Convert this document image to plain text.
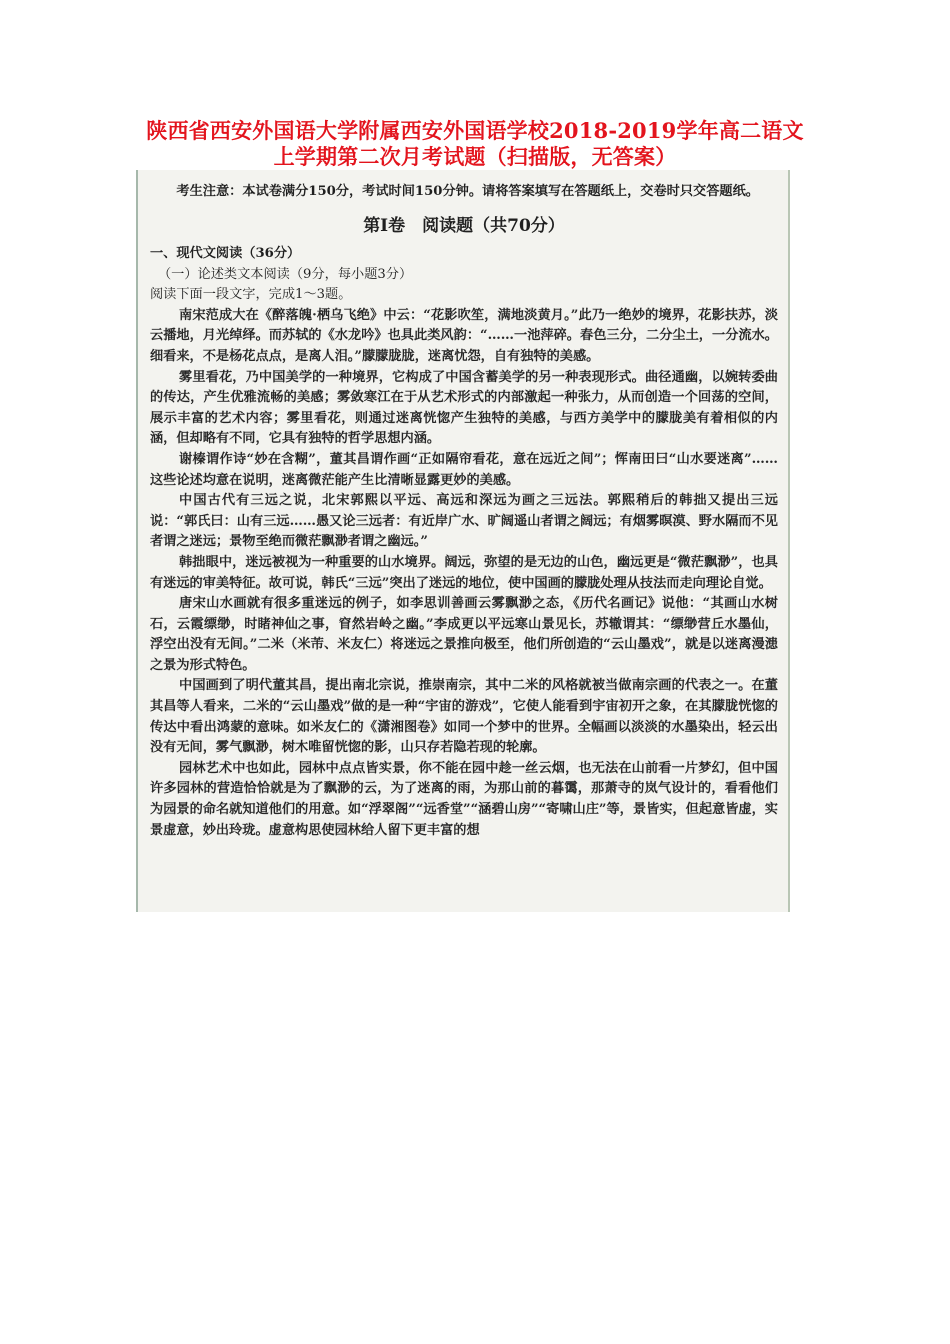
陕西省西安外国语大学附属西安外国语学校2018-2019学年高二语文
上学期第二次月考试题（扫描版，无答案）
考生注意：本试卷满分150分，考试时间150分钟。请将答案填写在答题纸上，交卷时只交答题纸。
第Ⅰ卷　阅读题（共70分）
一、现代文阅读（36分）
（一）论述类文本阅读（9分，每小题3分）
阅读下面一段文字，完成1～3题。
南宋范成大在《醉落魄·栖乌飞绝》中云：“花影吹笙，满地淡黄月。”此乃一绝妙的境界，花影扶苏，淡云播地，月光绰绎。而苏轼的《水龙吟》也具此类风韵：“……一池萍碎。春色三分，二分尘土，一分流水。细看来，不是杨花点点，是离人泪。”朦朦胧胧，迷离忧怨，自有独特的美感。
雾里看花，乃中国美学的一种境界，它构成了中国含蓄美学的另一种表现形式。曲径通幽，以婉转委曲的传达，产生优雅流畅的美感；雾敛寒江在于从艺术形式的内部激起一种张力，从而创造一个回荡的空间，展示丰富的艺术内容；雾里看花，则通过迷离恍惚产生独特的美感，与西方美学中的朦胧美有着相似的内涵，但却略有不同，它具有独特的哲学思想内涵。
谢榛谓作诗“妙在含糊”，董其昌谓作画“正如隔帘看花，意在远近之间”；恽南田曰“山水要迷离”……这些论述均意在说明，迷离微茫能产生比清晰显露更妙的美感。
中国古代有三远之说，北宋郭熙以平远、高远和深远为画之三远法。郭熙稍后的韩拙又提出三远说：“郭氏曰：山有三远……愚又论三远者：有近岸广水、旷阔遥山者谓之阔远；有烟雾暝漠、野水隔而不见者谓之迷远；景物至绝而微茫飘渺者谓之幽远。”
韩拙眼中，迷远被视为一种重要的山水境界。阔远，弥望的是无边的山色，幽远更是“微茫飘渺”，也具有迷远的审美特征。故可说，韩氏“三远”突出了迷远的地位，使中国画的朦胧处理从技法而走向理论自觉。
唐宋山水画就有很多重迷远的例子，如李思训善画云雾飘渺之态，《历代名画记》说他：“其画山水树石，云霞缥缈，时睹神仙之事，窅然岩岭之幽。”李成更以平远寒山景见长，苏辙谓其：“缥缈营丘水墨仙，浮空出没有无间。”二米（米芾、米友仁）将迷远之景推向极至，他们所创造的“云山墨戏”，就是以迷离漫漶之景为形式特色。
中国画到了明代董其昌，提出南北宗说，推崇南宗，其中二米的风格就被当做南宗画的代表之一。在董其昌等人看来，二米的“云山墨戏”做的是一种“宇宙的游戏”，它使人能看到宇宙初开之象，在其朦胧恍惚的传达中看出鸿蒙的意味。如米友仁的《潇湘图卷》如同一个梦中的世界。全幅画以淡淡的水墨染出，轻云出没有无间，雾气飘渺，树木唯留恍惚的影，山只存若隐若现的轮廓。
园林艺术中也如此，园林中点点皆实景，你不能在园中趁一丝云烟，也无法在山前看一片梦幻，但中国许多园林的营造恰恰就是为了飘渺的云，为了迷离的雨，为那山前的暮霭，那萧寺的岚气设计的，看看他们为园景的命名就知道他们的用意。如“浮翠阁”“远香堂”“涵碧山房”“寄啸山庄”等，景皆实，但起意皆虚，实景虚意，妙出玲珑。虚意构思使园林给人留下更丰富的想
